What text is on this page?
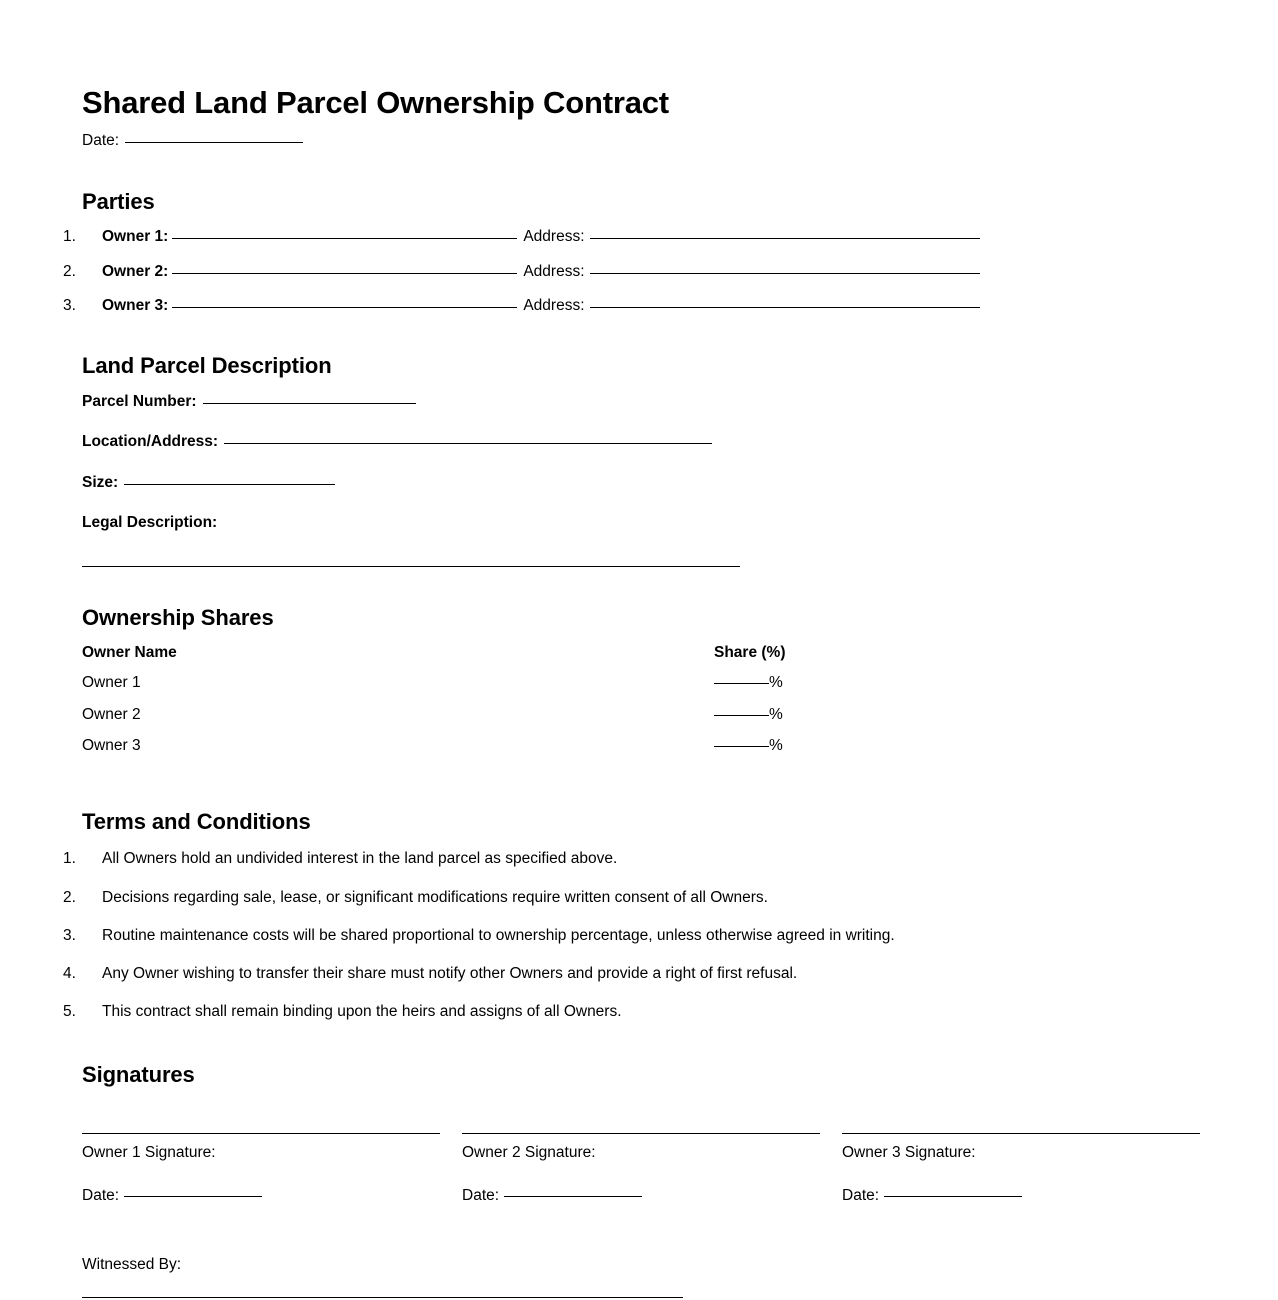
Shared Land Parcel Ownership Contract
Date:
Parties
1. Owner 1:	Address:
2. Owner 2:	Address:
3. Owner 3:	Address:
Land Parcel Description
Parcel Number:
Location/Address:
Size:
Legal Description:
Ownership Shares
Owner Name	Share (%)
Owner 1	%
Owner 2	%
Owner 3	%
Terms and Conditions
1. All Owners hold an undivided interest in the land parcel as specified above.
2. Decisions regarding sale, lease, or significant modifications require written consent of all Owners.
3. Routine maintenance costs will be shared proportional to ownership percentage, unless otherwise agreed in writing.
4. Any Owner wishing to transfer their share must notify other Owners and provide a right of first refusal.
5. This contract shall remain binding upon the heirs and assigns of all Owners.
Signatures
Owner 1 Signature:
Date:
Owner 2 Signature:
Date:
Owner 3 Signature:
Date:
Witnessed By:
